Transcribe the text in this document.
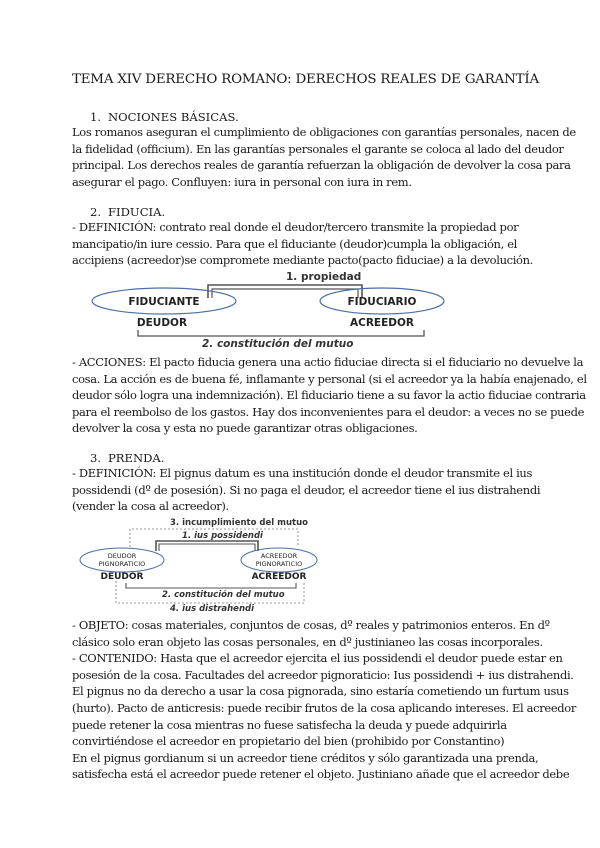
TEMA XIV DERECHO ROMANO: DERECHOS REALES DE GARANTÍA
1. NOCIONES BÁSICAS.
Los romanos aseguran el cumplimiento de obligaciones con garantías personales, nacen de
la fidelidad (officium). En las garantías personales el garante se coloca al lado del deudor
principal. Los derechos reales de garantía refuerzan la obligación de devolver la cosa para
asegurar el pago. Confluyen: iura in personal con iura in rem.
2. FIDUCIA.
- DEFINICIÓN: contrato real donde el deudor/tercero transmite la propiedad por
mancipatio/in iure cessio. Para que el fiduciante (deudor)cumpla la obligación, el
accipiens (acreedor)se compromete mediante pacto(pacto fiduciae) a la devolución.
1. propiedad
FIDUCIANTE	FIDUCIARIO
DEUDOR	ACREEDOR
2. constitución del mutuo
- ACCIONES: El pacto fiducia genera una actio fiduciae directa si el fiduciario no devuelve la
cosa. La acción es de buena fé, inflamante y personal (si el acreedor ya la había enajenado, el
deudor sólo logra una indemnización). El fiduciario tiene a su favor la actio fiduciae contraria
para el reembolso de los gastos. Hay dos inconvenientes para el deudor: a veces no se puede
devolver la cosa y esta no puede garantizar otras obligaciones.
3. PRENDA.
- DEFINICIÓN: El pignus datum es una institución donde el deudor transmite el ius
possidendi (dº de posesión). Si no paga el deudor, el acreedor tiene el ius distrahendi
(vender la cosa al acreedor).
3. incumplimiento del mutuo
1. ius possidendi
DEUDOR
PIGNORATICIO
ACREEDOR
PIGNORATICIO
DEUDOR	ACREEDOR
2. constitución del mutuo
4. ius distrahendi
- OBJETO: cosas materiales, conjuntos de cosas, dº reales y patrimonios enteros. En dº
clásico solo eran objeto las cosas personales, en dº justinianeo las cosas incorporales.
- CONTENIDO: Hasta que el acreedor ejercita el ius possidendi el deudor puede estar en
posesión de la cosa. Facultades del acreedor pignoraticio: Ius possidendi + ius distrahendi.
El pignus no da derecho a usar la cosa pignorada, sino estaría cometiendo un furtum usus
(hurto). Pacto de anticresis: puede recibir frutos de la cosa aplicando intereses. El acreedor
puede retener la cosa mientras no fuese satisfecha la deuda y puede adquirirla
convirtiéndose el acreedor en propietario del bien (prohibido por Constantino)
En el pignus gordianum si un acreedor tiene créditos y sólo garantizada una prenda,
satisfecha está el acreedor puede retener el objeto. Justiniano añade que el acreedor debe
